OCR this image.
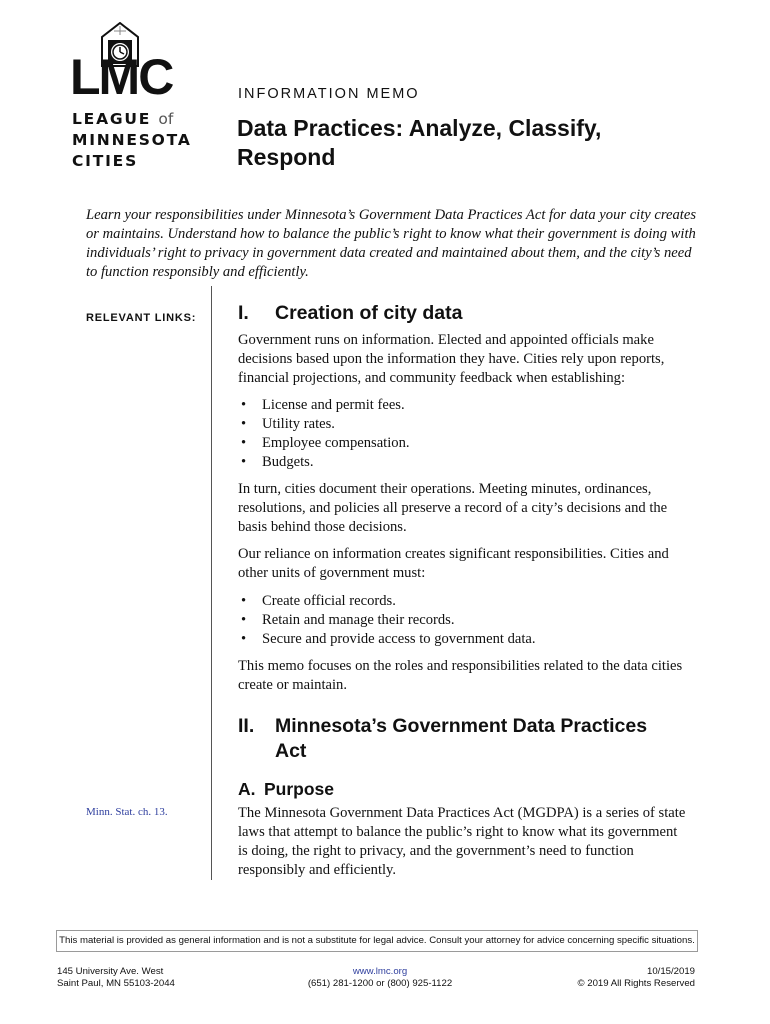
LMC
LEAGUE of
MINNESOTA
CITIES
INFORMATION MEMO
Data Practices: Analyze, Classify,
Respond

Learn your responsibilities under Minnesota’s Government Data Practices Act for data your city creates or maintains. Understand how to balance the public’s right to know what their government is doing with individuals’ right to privacy in government data created and maintained about them, and the city’s need to function responsibly and efficiently.

RELEVANT LINKS:
Minn. Stat. ch. 13.
I. Creation of city data

Government runs on information. Elected and appointed officials make decisions based upon the information they have. Cities rely upon reports, financial projections, and community feedback when establishing:

• License and permit fees.
• Utility rates.
• Employee compensation.
• Budgets.

In turn, cities document their operations. Meeting minutes, ordinances, resolutions, and policies all preserve a record of a city’s decisions and the basis behind those decisions.

Our reliance on information creates significant responsibilities. Cities and other units of government must:

• Create official records.
• Retain and manage their records.
• Secure and provide access to government data.

This memo focuses on the roles and responsibilities related to the data cities create or maintain.

II. Minnesota’s Government Data Practices
Act
A. Purpose

The Minnesota Government Data Practices Act (MGDPA) is a series of state laws that attempt to balance the public’s right to know what its government is doing, the right to privacy, and the government’s need to function responsibly and efficiently.

This material is provided as general information and is not a substitute for legal advice. Consult your attorney for advice concerning specific situations.
145 University Ave. West
Saint Paul, MN 55103-2044
www.lmc.org
(651) 281-1200 or (800) 925-1122
10/15/2019
© 2019 All Rights Reserved
